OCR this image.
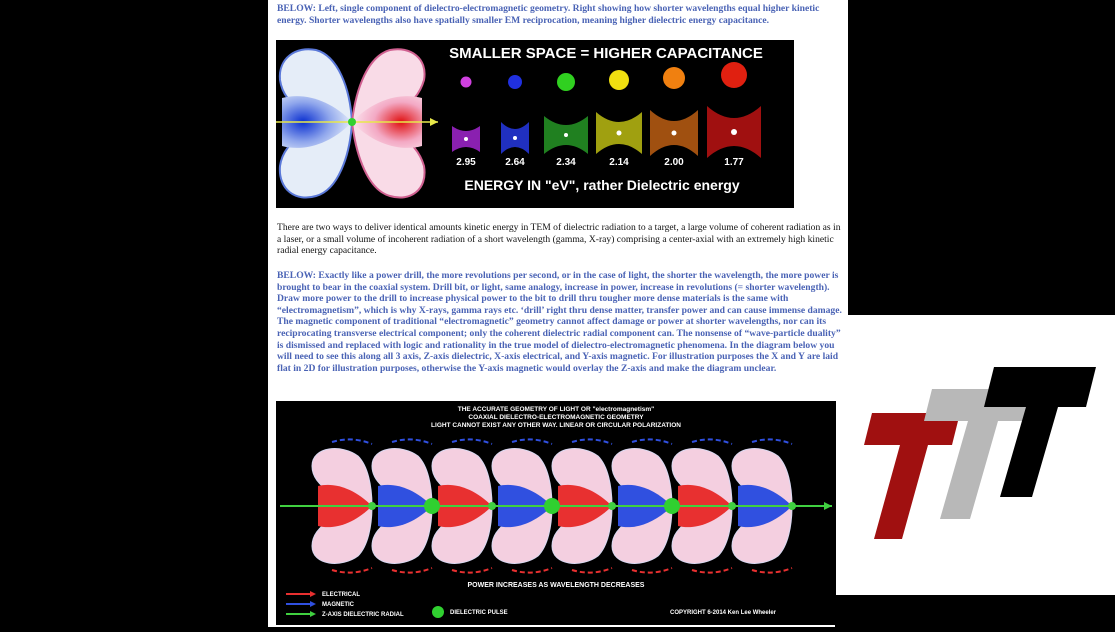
BELOW: Left, single component of dielectro-electromagnetic geometry. Right showing how shorter wavelengths equal higher kinetic energy. Shorter wavelengths also have spatially smaller EM reciprocation, meaning higher dielectric energy capacitance.
SMALLER SPACE = HIGHER CAPACITANCE
2.95	2.64	2.34	2.14	2.00	1.77
ENERGY IN "eV", rather Dielectric energy
There are two ways to deliver identical amounts kinetic energy in TEM of dielectric radiation to a target, a large volume of coherent radiation as in a laser, or a small volume of incoherent radiation of a short wavelength (gamma, X-ray) comprising a center-axial with an extremely high kinetic radial energy capacitance.
BELOW: Exactly like a power drill, the more revolutions per second, or in the case of light, the shorter the wavelength, the more power is brought to bear in the coaxial system. Drill bit, or light, same analogy, increase in power, increase in revolutions (= shorter wavelength). Draw more power to the drill to increase physical power to the bit to drill thru tougher more dense materials is the same with “electromagnetism”, which is why X-rays, gamma rays etc. ‘drill’ right thru dense matter, transfer power and can cause immense damage. The magnetic component of traditional “electromagnetic” geometry cannot affect damage or power at shorter wavelengths, nor can its reciprocating transverse electrical component; only the coherent dielectric radial component can. The nonsense of “wave-particle duality” is dismissed and replaced with logic and rationality in the true model of dielectro-electromagnetic phenomena. In the diagram below you will need to see this along all 3 axis, Z-axis dielectric, X-axis electrical, and Y-axis magnetic. For illustration purposes the X and Y are laid flat in 2D for illustration purposes, otherwise the Y-axis magnetic would overlay the Z-axis and make the diagram unclear.
THE ACCURATE GEOMETRY OF LIGHT OR "electromagnetism"
COAXIAL DIELECTRO-ELECTROMAGNETIC GEOMETRY
LIGHT CANNOT EXIST ANY OTHER WAY. LINEAR OR CIRCULAR POLARIZATION
POWER INCREASES AS WAVELENGTH DECREASES
ELECTRICAL
MAGNETIC
Z-AXIS DIELECTRIC RADIAL	DIELECTRIC PULSE	COPYRIGHT 6-2014 Ken Lee Wheeler
